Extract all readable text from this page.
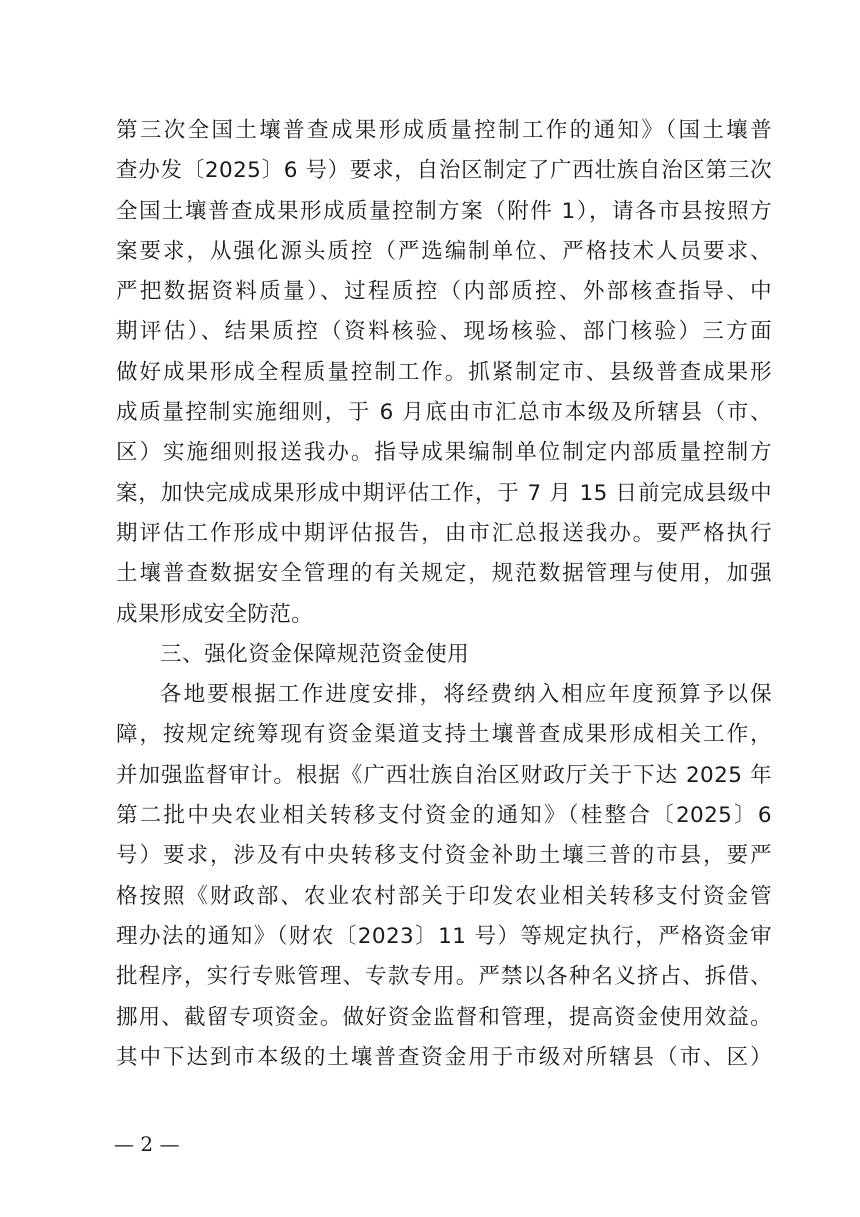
第三次全国土壤普查成果形成质量控制工作的通知》（国土壤普
查办发〔2025〕6 号）要求，自治区制定了广西壮族自治区第三次
全国土壤普查成果形成质量控制方案（附件 1），请各市县按照方
案要求，从强化源头质控（严选编制单位、严格技术人员要求、
严把数据资料质量）、过程质控（内部质控、外部核查指导、中
期评估）、结果质控（资料核验、现场核验、部门核验）三方面
做好成果形成全程质量控制工作。抓紧制定市、县级普查成果形
成质量控制实施细则，于 6 月底由市汇总市本级及所辖县（市、
区）实施细则报送我办。指导成果编制单位制定内部质量控制方
案，加快完成成果形成中期评估工作，于 7 月 15 日前完成县级中
期评估工作形成中期评估报告，由市汇总报送我办。要严格执行
土壤普查数据安全管理的有关规定，规范数据管理与使用，加强
成果形成安全防范。
三、强化资金保障规范资金使用
各地要根据工作进度安排，将经费纳入相应年度预算予以保
障，按规定统筹现有资金渠道支持土壤普查成果形成相关工作，
并加强监督审计。根据《广西壮族自治区财政厅关于下达 2025 年
第二批中央农业相关转移支付资金的通知》（桂整合〔2025〕6
号）要求，涉及有中央转移支付资金补助土壤三普的市县，要严
格按照《财政部、农业农村部关于印发农业相关转移支付资金管
理办法的通知》（财农〔2023〕11 号）等规定执行，严格资金审
批程序，实行专账管理、专款专用。严禁以各种名义挤占、拆借、
挪用、截留专项资金。做好资金监督和管理，提高资金使用效益。
其中下达到市本级的土壤普查资金用于市级对所辖县（市、区）
— 2 —
